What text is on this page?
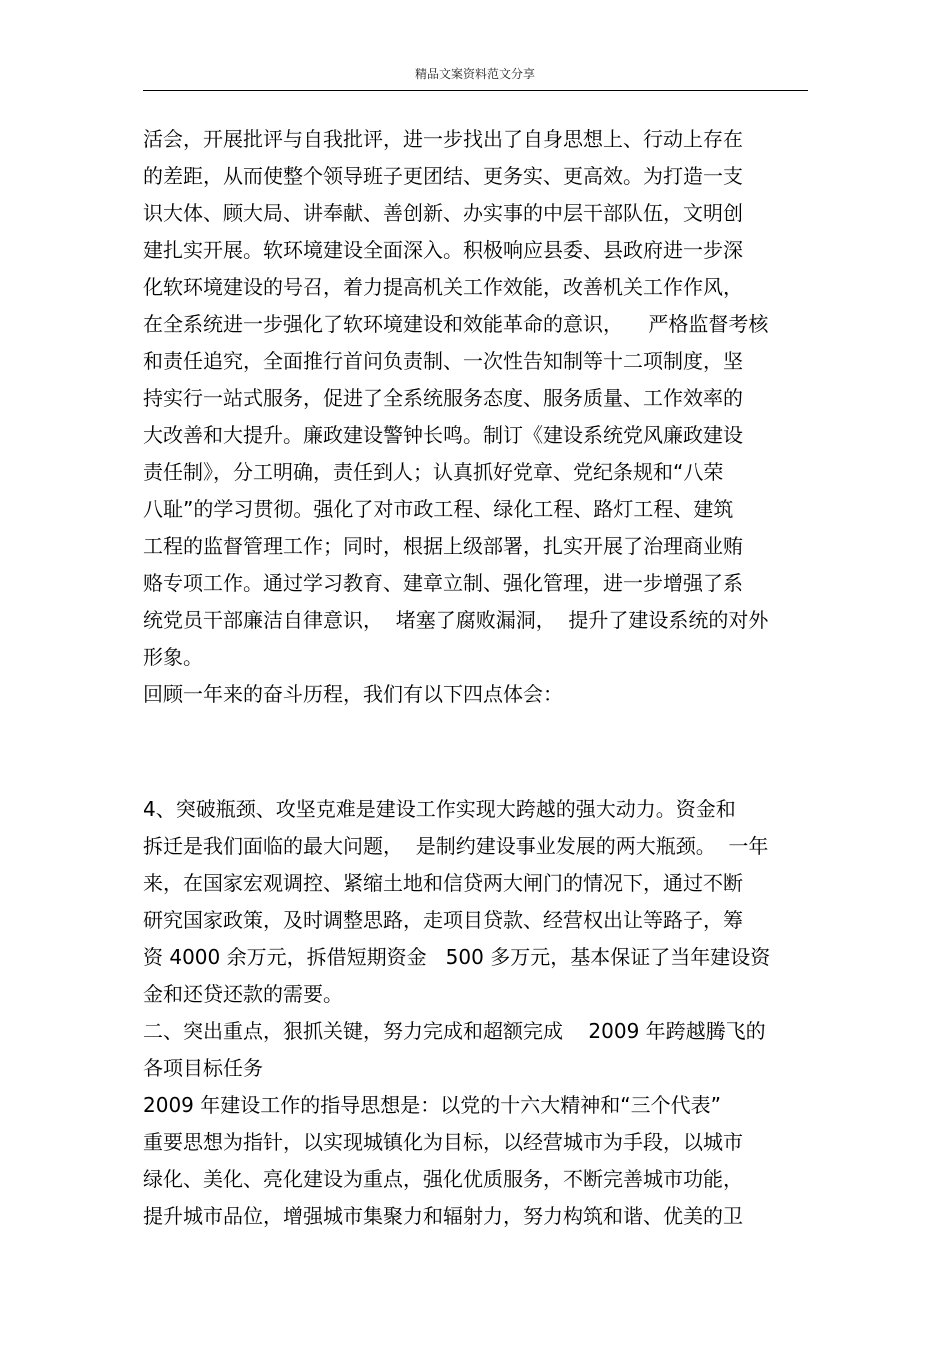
精品文案资料范文分享
活会，开展批评与自我批评，进一步找出了自身思想上、行动上存在
的差距，从而使整个领导班子更团结、更务实、更高效。为打造一支
识大体、顾大局、讲奉献、善创新、办实事的中层干部队伍，文明创
建扎实开展。软环境建设全面深入。积极响应县委、县政府进一步深
化软环境建设的号召，着力提高机关工作效能，改善机关工作作风，
在全系统进一步强化了软环境建设和效能革命的意识，    严格监督考核
和责任追究，全面推行首问负责制、一次性告知制等十二项制度，坚
持实行一站式服务，促进了全系统服务态度、服务质量、工作效率的
大改善和大提升。廉政建设警钟长鸣。制订《建设系统党风廉政建设
责任制》，分工明确，责任到人；认真抓好党章、党纪条规和“八荣
八耻”的学习贯彻。强化了对市政工程、绿化工程、路灯工程、建筑
工程的监督管理工作；同时，根据上级部署，扎实开展了治理商业贿
赂专项工作。通过学习教育、建章立制、强化管理，进一步增强了系
统党员干部廉洁自律意识，  堵塞了腐败漏洞，  提升了建设系统的对外
形象。
回顾一年来的奋斗历程，我们有以下四点体会：
4、突破瓶颈、攻坚克难是建设工作实现大跨越的强大动力。资金和
拆迁是我们面临的最大问题，  是制约建设事业发展的两大瓶颈。  一年
来，在国家宏观调控、紧缩土地和信贷两大闸门的情况下，通过不断
研究国家政策，及时调整思路，走项目贷款、经营权出让等路子，筹
资 4000 余万元，拆借短期资金   500 多万元，基本保证了当年建设资
金和还贷还款的需要。
二、突出重点，狠抓关键，努力完成和超额完成    2009 年跨越腾飞的
各项目标任务
2009 年建设工作的指导思想是：以党的十六大精神和“三个代表”
重要思想为指针，以实现城镇化为目标，以经营城市为手段，以城市
绿化、美化、亮化建设为重点，强化优质服务，不断完善城市功能，
提升城市品位，增强城市集聚力和辐射力，努力构筑和谐、优美的卫
